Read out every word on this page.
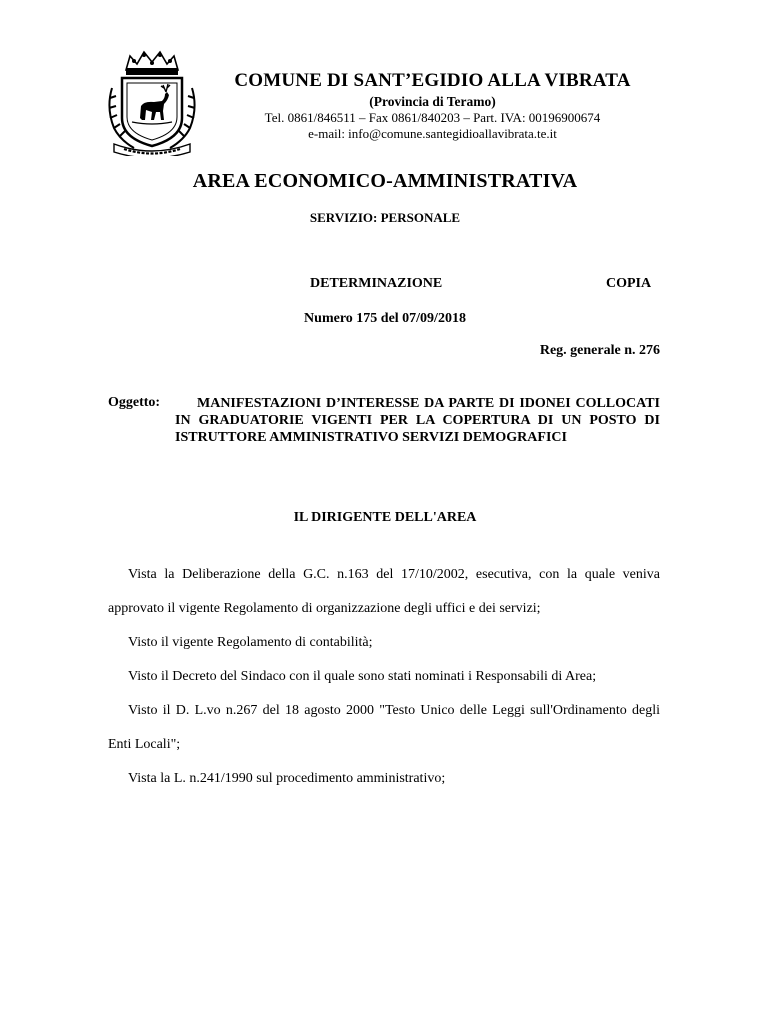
COMUNE DI SANT’EGIDIO ALLA VIBRATA
(Provincia di Teramo)
Tel. 0861/846511 – Fax 0861/840203 – Part. IVA: 00196900674
e-mail: info@comune.santegidioallavibrata.te.it
AREA ECONOMICO-AMMINISTRATIVA
SERVIZIO: PERSONALE
DETERMINAZIONE	COPIA
Numero 175 del 07/09/2018
Reg. generale n. 276
Oggetto:	MANIFESTAZIONI D’INTERESSE DA PARTE DI IDONEI COLLOCATI IN GRADUATORIE VIGENTI PER LA COPERTURA DI UN POSTO DI ISTRUTTORE AMMINISTRATIVO SERVIZI DEMOGRAFICI
IL DIRIGENTE DELL'AREA

Vista la Deliberazione della G.C. n.163 del 17/10/2002, esecutiva, con la quale veniva approvato il vigente Regolamento di organizzazione degli uffici e dei servizi;

Visto il vigente Regolamento di contabilità;

Visto il Decreto del Sindaco con il quale sono stati nominati i Responsabili di Area;

Visto il D. L.vo n.267 del 18 agosto 2000 "Testo Unico delle Leggi sull'Ordinamento degli Enti Locali";

Vista la L. n.241/1990 sul procedimento amministrativo;
